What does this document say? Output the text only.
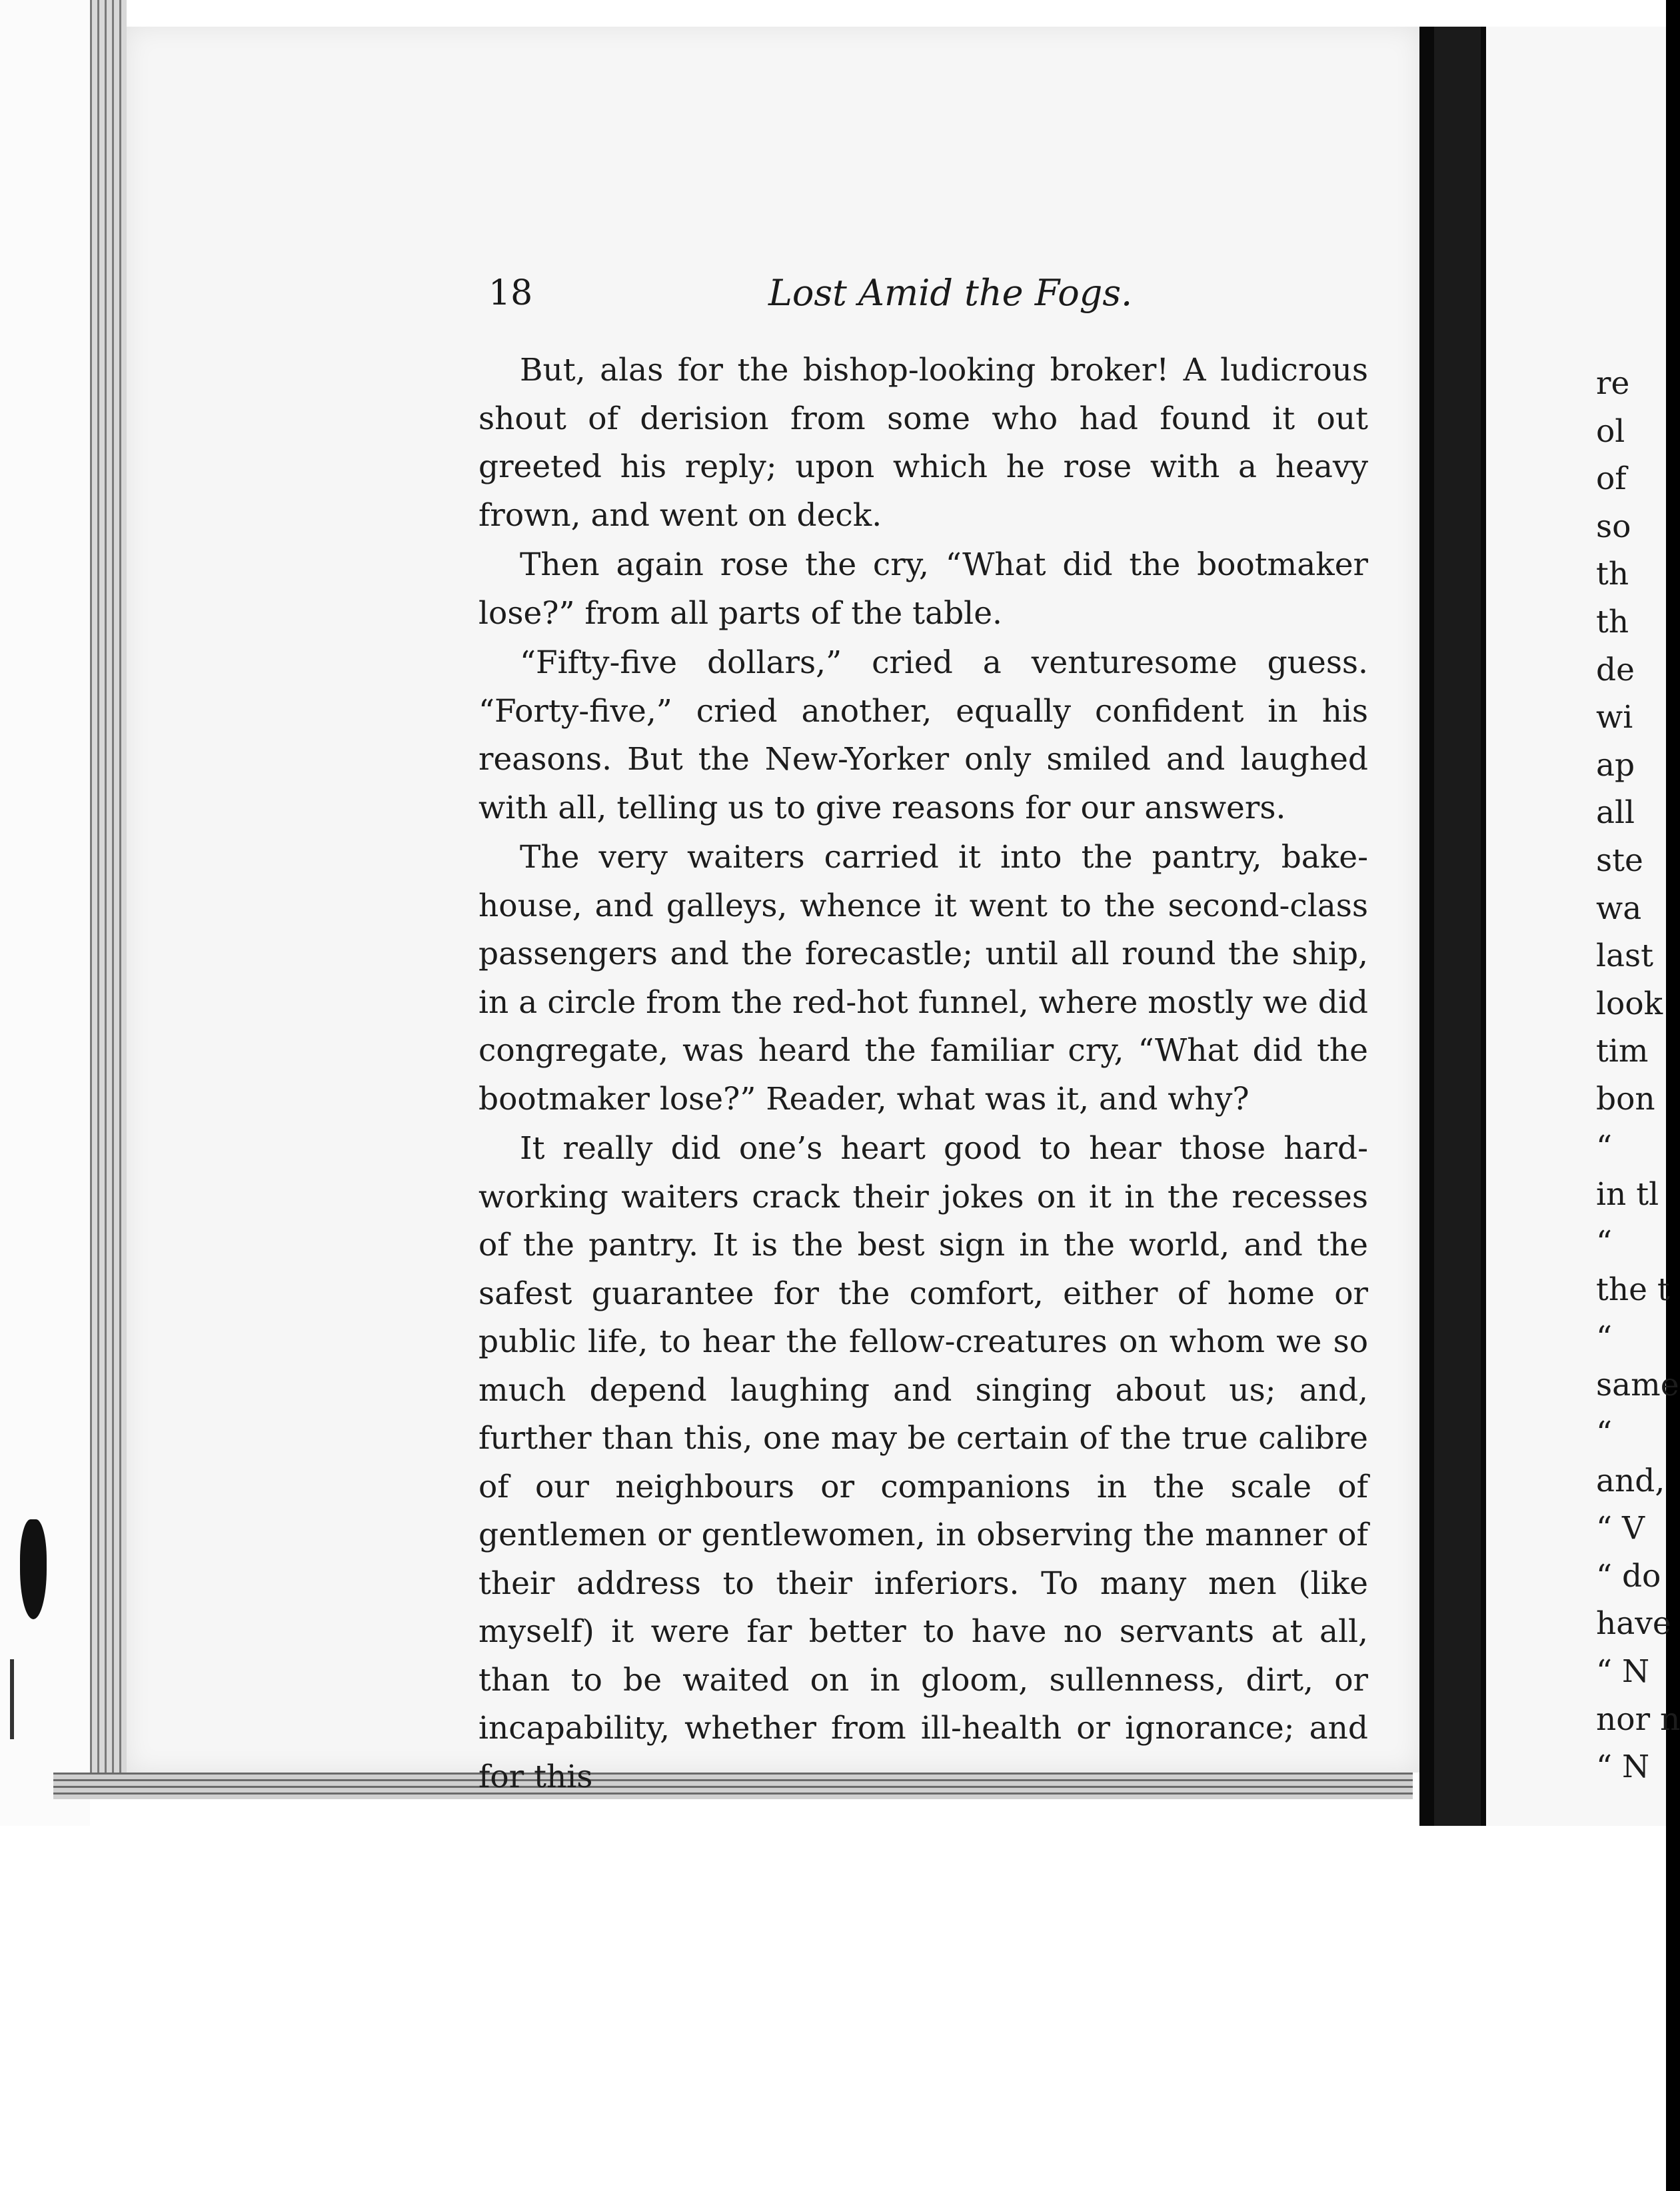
18	Lost Amid the Fogs.

But, alas for the bishop-looking broker! A ludicrous shout of derision from some who had found it out greeted his reply; upon which he rose with a heavy frown, and went on deck.

Then again rose the cry, “What did the bootmaker lose?” from all parts of the table.

“Fifty-five dollars,” cried a venturesome guess. “Forty-five,” cried another, equally confident in his reasons. But the New-Yorker only smiled and laughed with all, telling us to give reasons for our answers.

The very waiters carried it into the pantry, bake-house, and galleys, whence it went to the second-class passengers and the forecastle; until all round the ship, in a circle from the red-hot funnel, where mostly we did congregate, was heard the familiar cry, “What did the bootmaker lose?” Reader, what was it, and why?

It really did one’s heart good to hear those hard-working waiters crack their jokes on it in the recesses of the pantry. It is the best sign in the world, and the safest guarantee for the comfort, either of home or public life, to hear the fellow-creatures on whom we so much depend laughing and singing about us; and, further than this, one may be certain of the true calibre of our neighbours or companions in the scale of gentlemen or gentlewomen, in observing the manner of their address to their inferiors. To many men (like myself) it were far better to have no servants at all, than to be waited on in gloom, sullenness, dirt, or incapability, whether from ill-health or ignorance; and for this

re
ol
of
so
th
th
de
wi
ap
all
ste
wa
last
look
tim
bon
“
in tl
“
the t
“
same
“
and,
“ V
“ do
have
“ N
nor n
“ N
